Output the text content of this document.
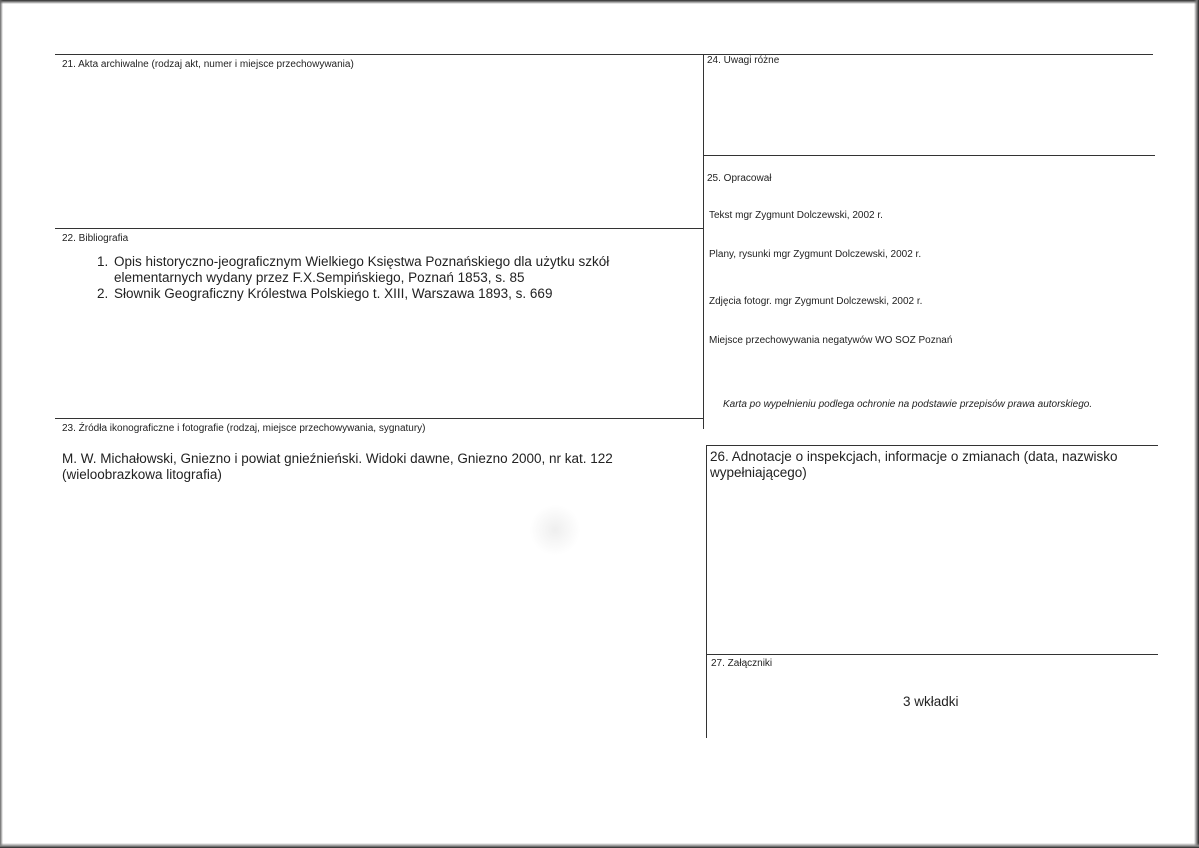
21. Akta archiwalne (rodzaj akt, numer i miejsce przechowywania)
22. Bibliografia
1. Opis historyczno-jeograficznym Wielkiego Księstwa Poznańskiego dla użytku szkół elementarnych wydany przez F.X.Sempińskiego, Poznań 1853, s. 85
2. Słownik Geograficzny Królestwa Polskiego t. XIII, Warszawa 1893, s. 669
23. Źródła ikonograficzne i fotografie (rodzaj, miejsce przechowywania, sygnatury)
M. W. Michałowski, Gniezno i powiat gnieźnieński. Widoki dawne, Gniezno 2000, nr kat. 122
(wieloobrazkowa litografia)
24. Uwagi różne
25. Opracował
Tekst mgr Zygmunt Dolczewski, 2002 r.
Plany, rysunki mgr Zygmunt Dolczewski, 2002 r.
Zdjęcia fotogr. mgr Zygmunt Dolczewski, 2002 r.
Miejsce przechowywania negatywów WO SOZ Poznań
Karta po wypełnieniu podlega ochronie na podstawie przepisów prawa autorskiego.
26. Adnotacje o inspekcjach, informacje o zmianach (data, nazwisko
wypełniającego)
27. Załączniki
3 wkładki
